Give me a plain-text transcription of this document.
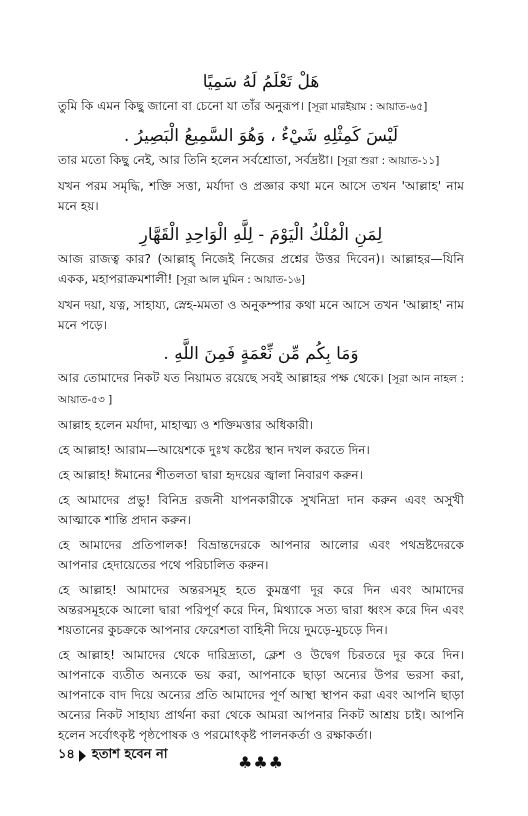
هَلْ تَعْلَمُ لَهُ سَمِيًا

তুমি কি এমন কিছু জানো বা চেনো যা তাঁর অনুরূপ। [সূরা মারইয়াম : আয়াত-৬৫]

لَيْسَ كَمِثْلِهِ شَيْءٌ ، وَهُوَ السَّمِيعُ الْبَصِيرُ .

তার মতো কিছু নেই, আর তিনি হলেন সর্বশ্রোতা, সর্বদ্রষ্টা। [সূরা শুরা : আয়াত-১১]

যখন পরম সমৃদ্ধি, শক্তি সত্তা, মর্যাদা ও প্রজ্ঞার কথা মনে আসে তখন 'আল্লাহ' নাম মনে হয়।

لِمَنِ الْمُلْكُ الْيَوْمَ - لِلَّهِ الْوَاحِدِ الْقَهَّارِ

আজ রাজত্ব কার? (আল্লাহ্ নিজেই নিজের প্রশ্নের উত্তর দিবেন)। আল্লাহর—যিনি একক, মহাপরাক্রমশালী! [সূরা আল মুমিন : আয়াত-১৬]

যখন দয়া, যত্ন, সাহায্য, স্নেহ-মমতা ও অনুকম্পার কথা মনে আসে তখন 'আল্লাহ' নাম মনে পড়ে।

وَمَا بِكُم مِّن نِّعْمَةٍ فَمِنَ اللَّهِ .

আর তোমাদের নিকট যত নিয়ামত রয়েছে সবই আল্লাহর পক্ষ থেকে। [সূরা আন নাহল : আয়াত-৫৩ ]

আল্লাহ হলেন মর্যাদা, মাহাত্ম্য ও শক্তিমত্তার অধিকারী।

হে আল্লাহ! আরাম—আয়েশকে দুঃখ কষ্টের স্থান দখল করতে দিন।

হে আল্লাহ! ঈমানের শীতলতা দ্বারা হৃদয়ের জ্বালা নিবারণ করুন।

হে আমাদের প্রভু! বিনিদ্র রজনী যাপনকারীকে সুখনিদ্রা দান করুন এবং অসুখী আত্মাকে শান্তি প্রদান করুন।

হে আমাদের প্রতিপালক! বিভ্রান্তদেরকে আপনার আলোর এবং পথভ্রষ্টদেরকে আপনার হেদায়েতের পথে পরিচালিত করুন।

হে আল্লাহ! আমাদের অন্তরসমূহ হতে কুমন্ত্রণা দূর করে দিন এবং আমাদের অন্তরসমূহকে আলো দ্বারা পরিপূর্ণ করে দিন, মিথ্যাকে সত্য দ্বারা ধ্বংস করে দিন এবং শয়তানের কুচক্রকে আপনার ফেরেশতা বাহিনী দিয়ে দুমড়ে-মুচড়ে দিন।

হে আল্লাহ! আমাদের থেকে দারিদ্র্যতা, ক্লেশ ও উদ্বেগ চিরতরে দূর করে দিন। আপনাকে ব্যতীত অন্যকে ভয় করা, আপনাকে ছাড়া অন্যের উপর ভরসা করা, আপনাকে বাদ দিয়ে অন্যের প্রতি আমাদের পূর্ণ আস্থা স্থাপন করা এবং আপনি ছাড়া অন্যের নিকট সাহায্য প্রার্থনা করা থেকে আমরা আপনার নিকট আশ্রয় চাই। আপনি হলেন সর্বোৎকৃষ্ট পৃষ্ঠপোষক ও পরমোৎকৃষ্ট পালনকর্তা ও রক্ষাকর্তা।

♣♣♣
১৪ হতাশ হবেন না
